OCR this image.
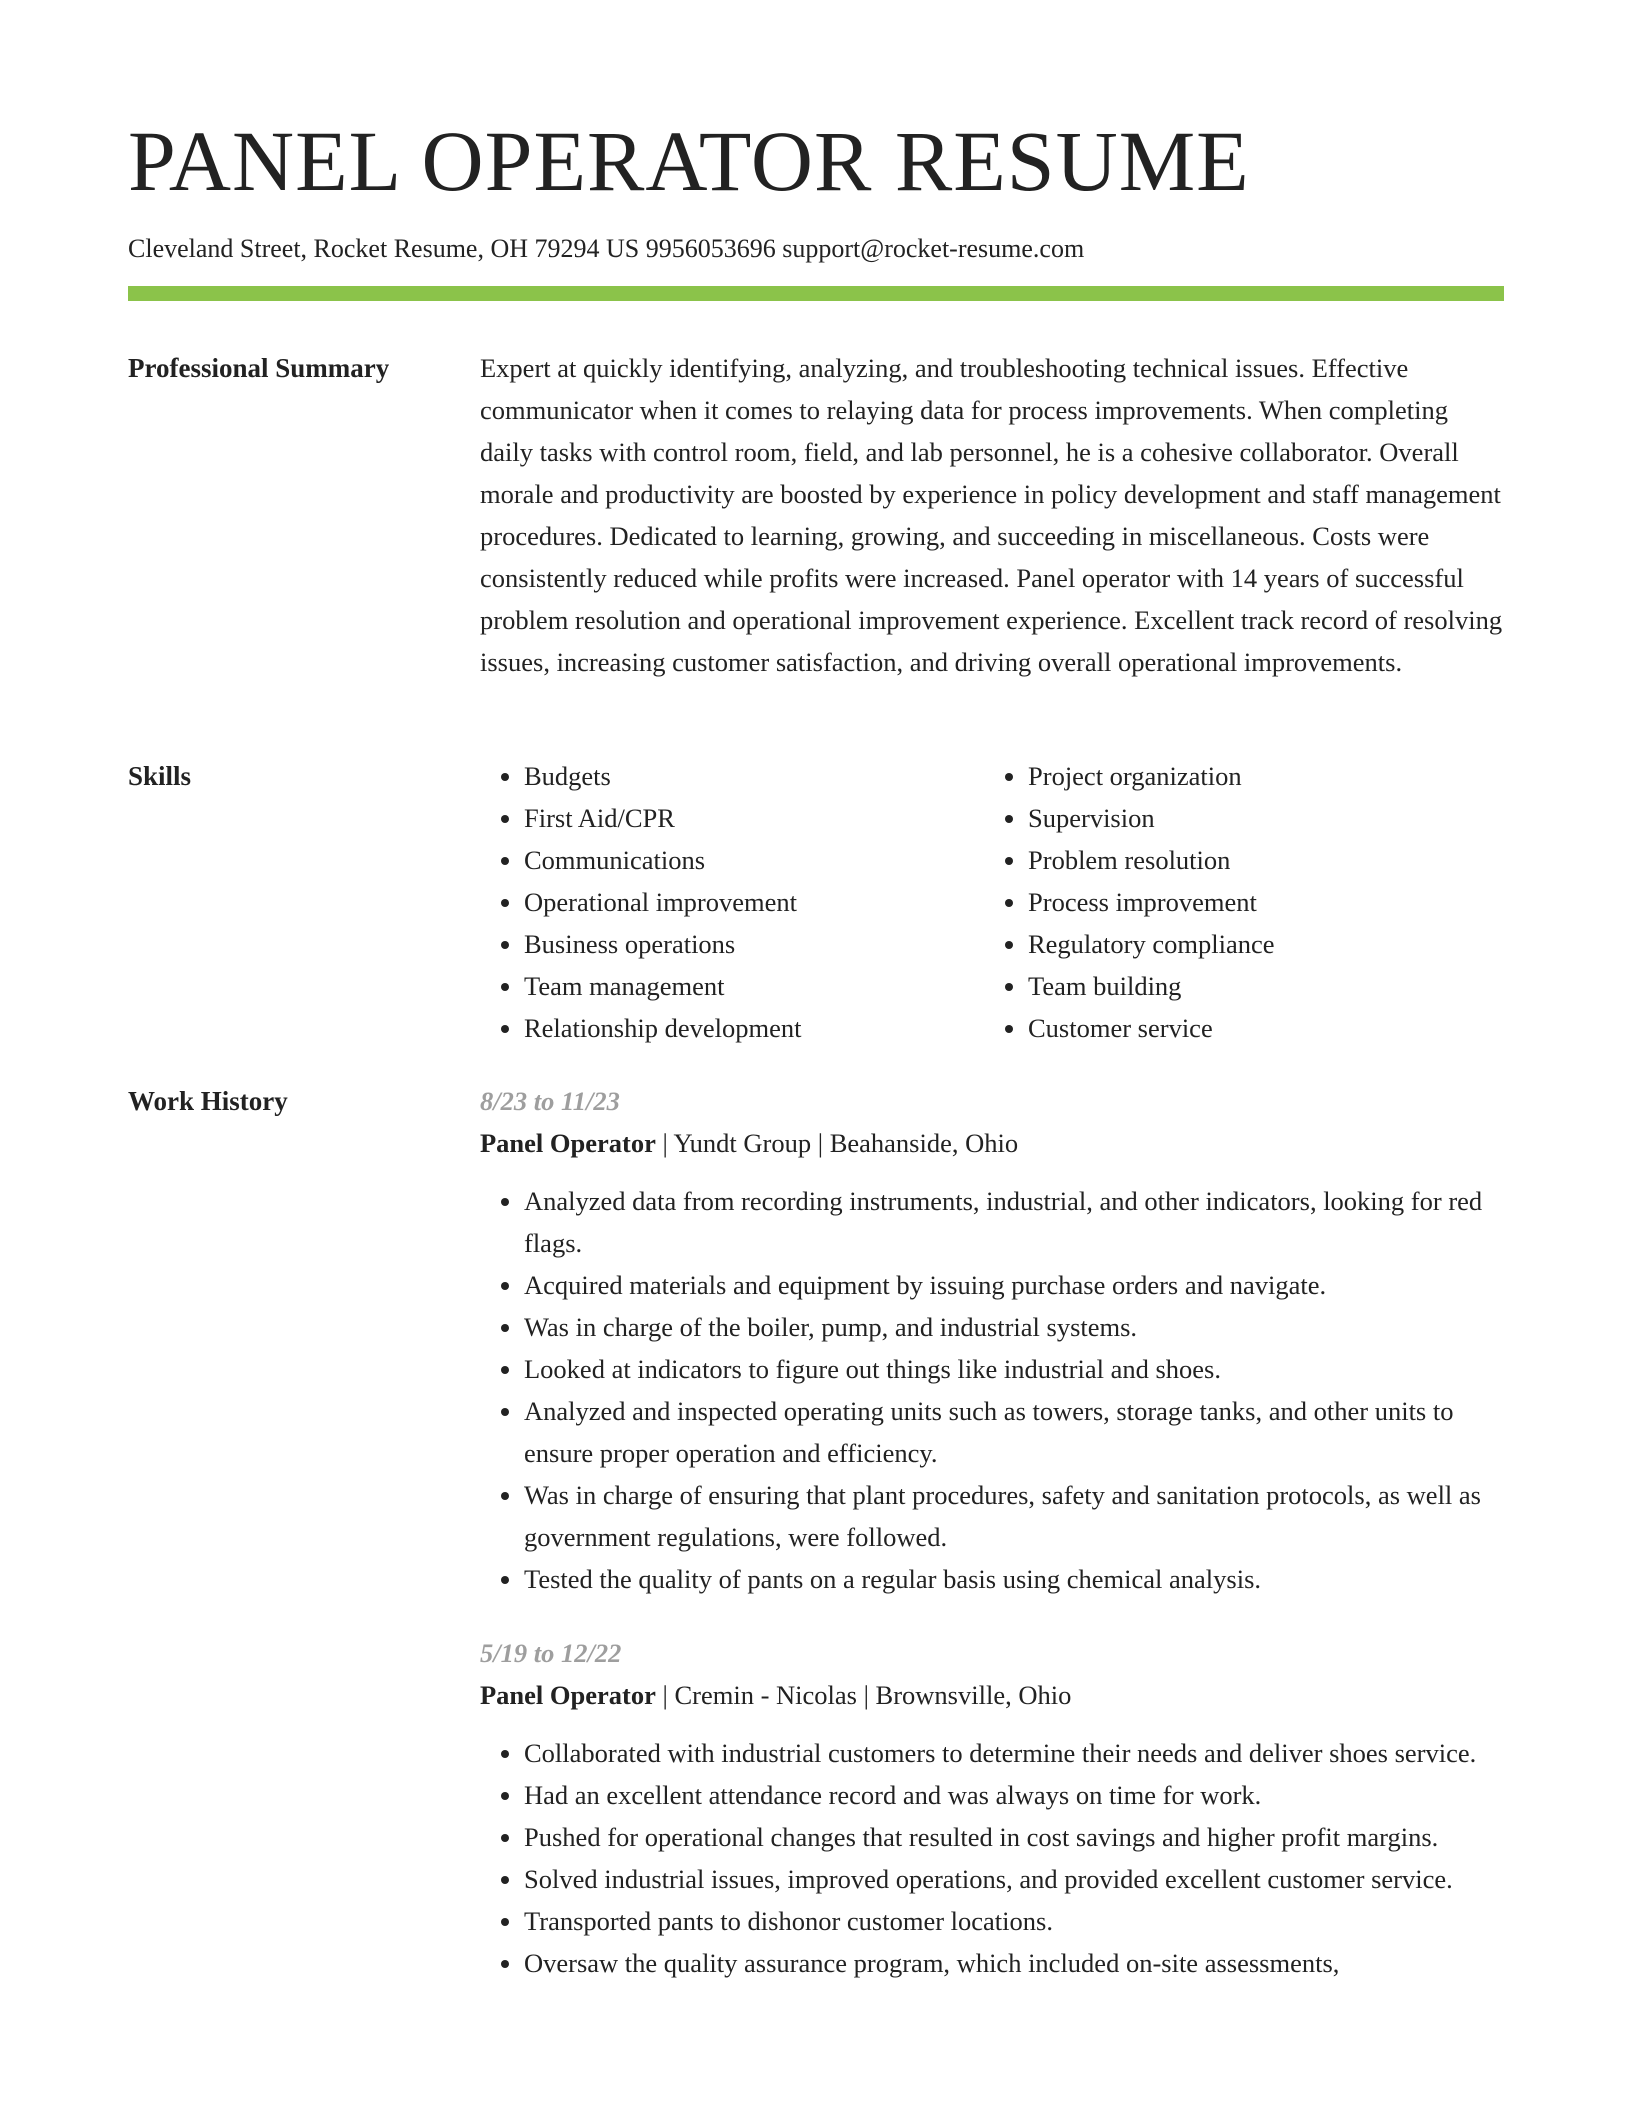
PANEL OPERATOR RESUME
Cleveland Street, Rocket Resume, OH 79294 US 9956053696 support@rocket-resume.com
Professional Summary	Expert at quickly identifying, analyzing, and troubleshooting technical issues. Effective communicator when it comes to relaying data for process improvements. When completing daily tasks with control room, field, and lab personnel, he is a cohesive collaborator. Overall morale and productivity are boosted by experience in policy development and staff management procedures. Dedicated to learning, growing, and succeeding in miscellaneous. Costs were consistently reduced while profits were increased. Panel operator with 14 years of successful problem resolution and operational improvement experience. Excellent track record of resolving issues, increasing customer satisfaction, and driving overall operational improvements.

Skills
•	Budgets
• First Aid/CPR
• Communications
• Operational improvement
• Business operations
• Team management
• Relationship development
• Project organization
• Supervision
• Problem resolution
• Process improvement
• Regulatory compliance
• Team building
• Customer service
Work History	8/23 to 11/23
Panel Operator | Yundt Group | Beahanside, Ohio
• Analyzed data from recording instruments, industrial, and other indicators, looking for red flags.
• Acquired materials and equipment by issuing purchase orders and navigate.
• Was in charge of the boiler, pump, and industrial systems.
• Looked at indicators to figure out things like industrial and shoes.
• Analyzed and inspected operating units such as towers, storage tanks, and other units to ensure proper operation and efficiency.
• Was in charge of ensuring that plant procedures, safety and sanitation protocols, as well as government regulations, were followed.
• Tested the quality of pants on a regular basis using chemical analysis.
5/19 to 12/22
Panel Operator | Cremin - Nicolas | Brownsville, Ohio
• Collaborated with industrial customers to determine their needs and deliver shoes service.
• Had an excellent attendance record and was always on time for work.
• Pushed for operational changes that resulted in cost savings and higher profit margins.
• Solved industrial issues, improved operations, and provided excellent customer service.
• Transported pants to dishonor customer locations.
• Oversaw the quality assurance program, which included on-site assessments,
